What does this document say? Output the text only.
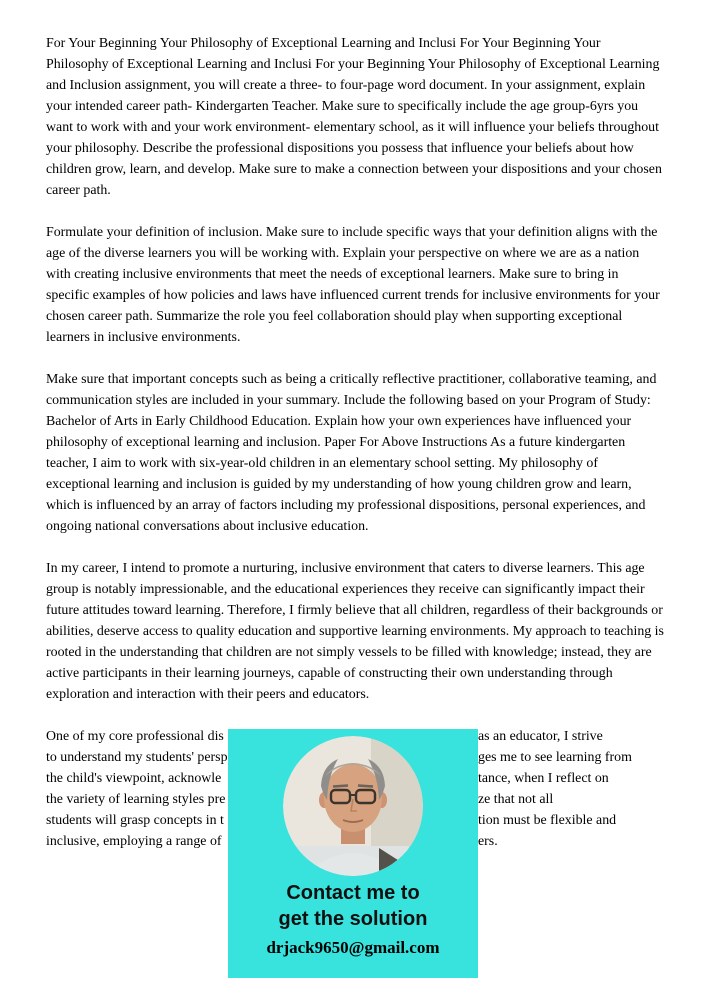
For Your Beginning Your Philosophy of Exceptional Learning and Inclusi For Your Beginning Your Philosophy of Exceptional Learning and Inclusi For your Beginning Your Philosophy of Exceptional Learning and Inclusion assignment, you will create a three- to four-page word document. In your assignment, explain your intended career path- Kindergarten Teacher. Make sure to specifically include the age group-6yrs you want to work with and your work environment- elementary school, as it will influence your beliefs throughout your philosophy. Describe the professional dispositions you possess that influence your beliefs about how children grow, learn, and develop. Make sure to make a connection between your dispositions and your chosen career path.

Formulate your definition of inclusion. Make sure to include specific ways that your definition aligns with the age of the diverse learners you will be working with. Explain your perspective on where we are as a nation with creating inclusive environments that meet the needs of exceptional learners. Make sure to bring in specific examples of how policies and laws have influenced current trends for inclusive environments for your chosen career path. Summarize the role you feel collaboration should play when supporting exceptional learners in inclusive environments.

Make sure that important concepts such as being a critically reflective practitioner, collaborative teaming, and communication styles are included in your summary. Include the following based on your Program of Study: Bachelor of Arts in Early Childhood Education. Explain how your own experiences have influenced your philosophy of exceptional learning and inclusion. Paper For Above Instructions As a future kindergarten teacher, I aim to work with six-year-old children in an elementary school setting. My philosophy of exceptional learning and inclusion is guided by my understanding of how young children grow and learn, which is influenced by an array of factors including my professional dispositions, personal experiences, and ongoing national conversations about inclusive education.

In my career, I intend to promote a nurturing, inclusive environment that caters to diverse learners. This age group is notably impressionable, and the educational experiences they receive can significantly impact their future attitudes toward learning. Therefore, I firmly believe that all children, regardless of their backgrounds or abilities, deserve access to quality education and supportive learning environments. My approach to teaching is rooted in the understanding that children are not simply vessels to be filled with knowledge; instead, they are active participants in their learning journeys, capable of constructing their own understanding through exploration and interaction with their peers and educators.

One of my core professional dis	as an educator, I strive
to understand my students' persp	ges me to see learning from
the child's viewpoint, acknowle	tance, when I reflect on
the variety of learning styles pre	ze that not all
students will grasp concepts in t	tion must be flexible and
inclusive, employing a range of	ers.
Contact me to
get the solution
drjack9650@gmail.com
